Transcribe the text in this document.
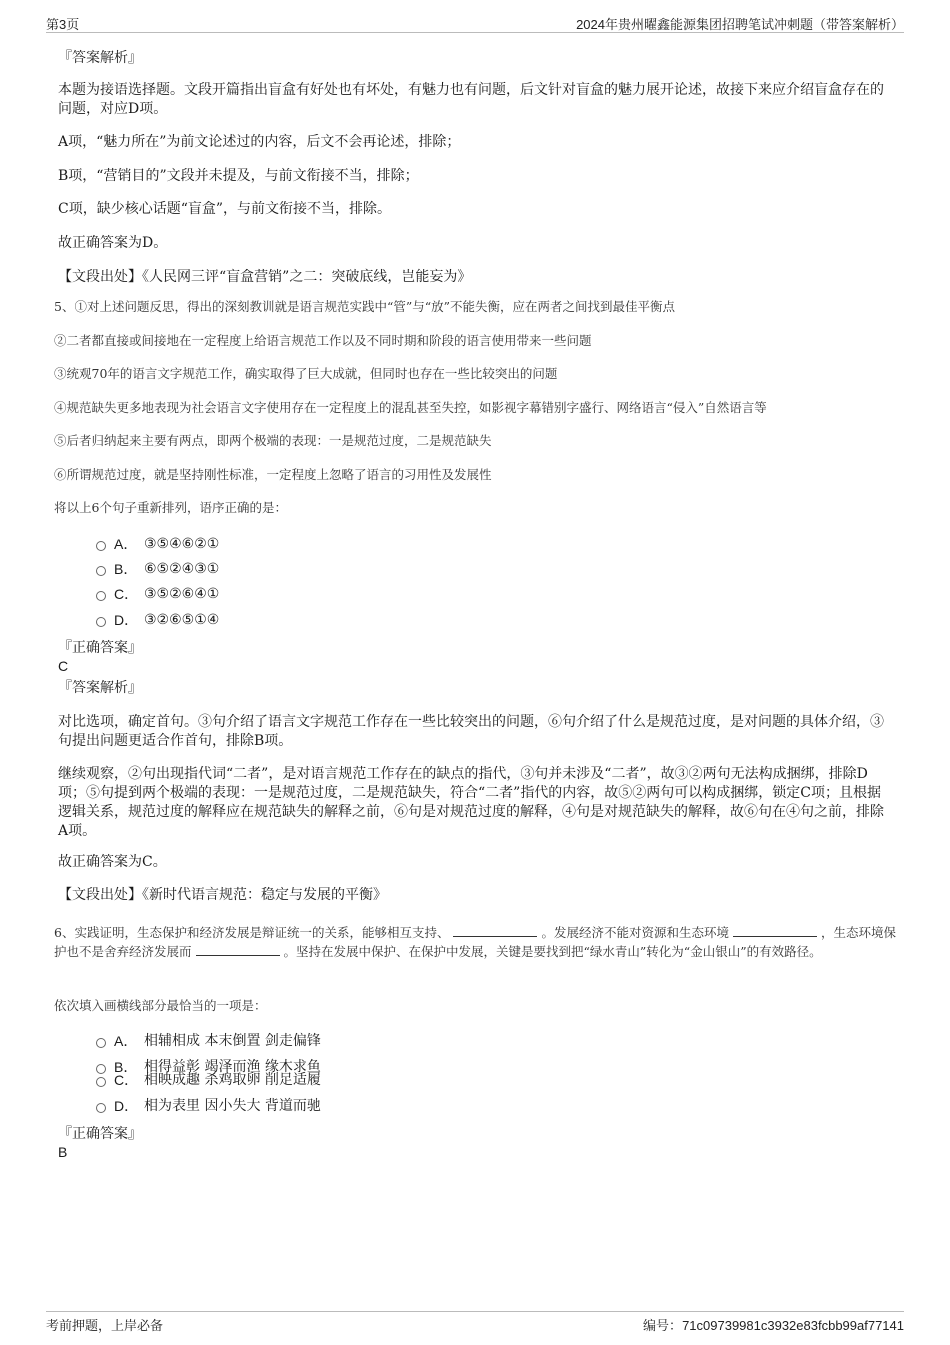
第3页	2024年贵州曜鑫能源集团招聘笔试冲刺题（带答案解析）
『答案解析』
本题为接语选择题。文段开篇指出盲盒有好处也有坏处，有魅力也有问题，后文针对盲盒的魅力展开论述，故接下来应介绍盲盒存在的问题，对应D项。
A项，“魅力所在”为前文论述过的内容，后文不会再论述，排除；
B项，“营销目的”文段并未提及，与前文衔接不当，排除；
C项，缺少核心话题“盲盒”，与前文衔接不当，排除。
故正确答案为D。
【文段出处】《人民网三评“盲盒营销”之二：突破底线，岂能妄为》
5、①对上述问题反思，得出的深刻教训就是语言规范实践中“管”与“放”不能失衡，应在两者之间找到最佳平衡点
②二者都直接或间接地在一定程度上给语言规范工作以及不同时期和阶段的语言使用带来一些问题
③统观70年的语言文字规范工作，确实取得了巨大成就，但同时也存在一些比较突出的问题
④规范缺失更多地表现为社会语言文字使用存在一定程度上的混乱甚至失控，如影视字幕错别字盛行、网络语言“侵入”自然语言等
⑤后者归纳起来主要有两点，即两个极端的表现：一是规范过度，二是规范缺失
⑥所谓规范过度，就是坚持刚性标准，一定程度上忽略了语言的习用性及发展性
将以上6个句子重新排列，语序正确的是：
A． ③⑤④⑥②①
B． ⑥⑤②④③①
C． ③⑤②⑥④①
D． ③②⑥⑤①④
『正确答案』
C
『答案解析』
对比选项，确定首句。③句介绍了语言文字规范工作存在一些比较突出的问题，⑥句介绍了什么是规范过度，是对问题的具体介绍，③句提出问题更适合作首句，排除B项。
继续观察，②句出现指代词“二者”，是对语言规范工作存在的缺点的指代，③句并未涉及“二者”，故③②两句无法构成捆绑，排除D项；⑤句提到两个极端的表现：一是规范过度，二是规范缺失，符合“二者”指代的内容，故⑤②两句可以构成捆绑，锁定C项；且根据逻辑关系，规范过度的解释应在规范缺失的解释之前，⑥句是对规范过度的解释，④句是对规范缺失的解释，故⑥句在④句之前，排除A项。
故正确答案为C。
【文段出处】《新时代语言规范：稳定与发展的平衡》
6、实践证明，生态保护和经济发展是辩证统一的关系，能够相互支持、	。发展经济不能对资源和生态环境	，生态环境保护也不是舍弃经济发展而	。坚持在发展中保护、在保护中发展，关键是要找到把“绿水青山”转化为“金山银山”的有效路径。
依次填入画横线部分最恰当的一项是：
A． 相辅相成 本末倒置 剑走偏锋
B． 相得益彰 竭泽而渔 缘木求鱼
C． 相映成趣 杀鸡取卵 削足适履
D． 相为表里 因小失大 背道而驰
『正确答案』
B
考前押题，上岸必备	编号：71c09739981c3932e83fcbb99af77141
